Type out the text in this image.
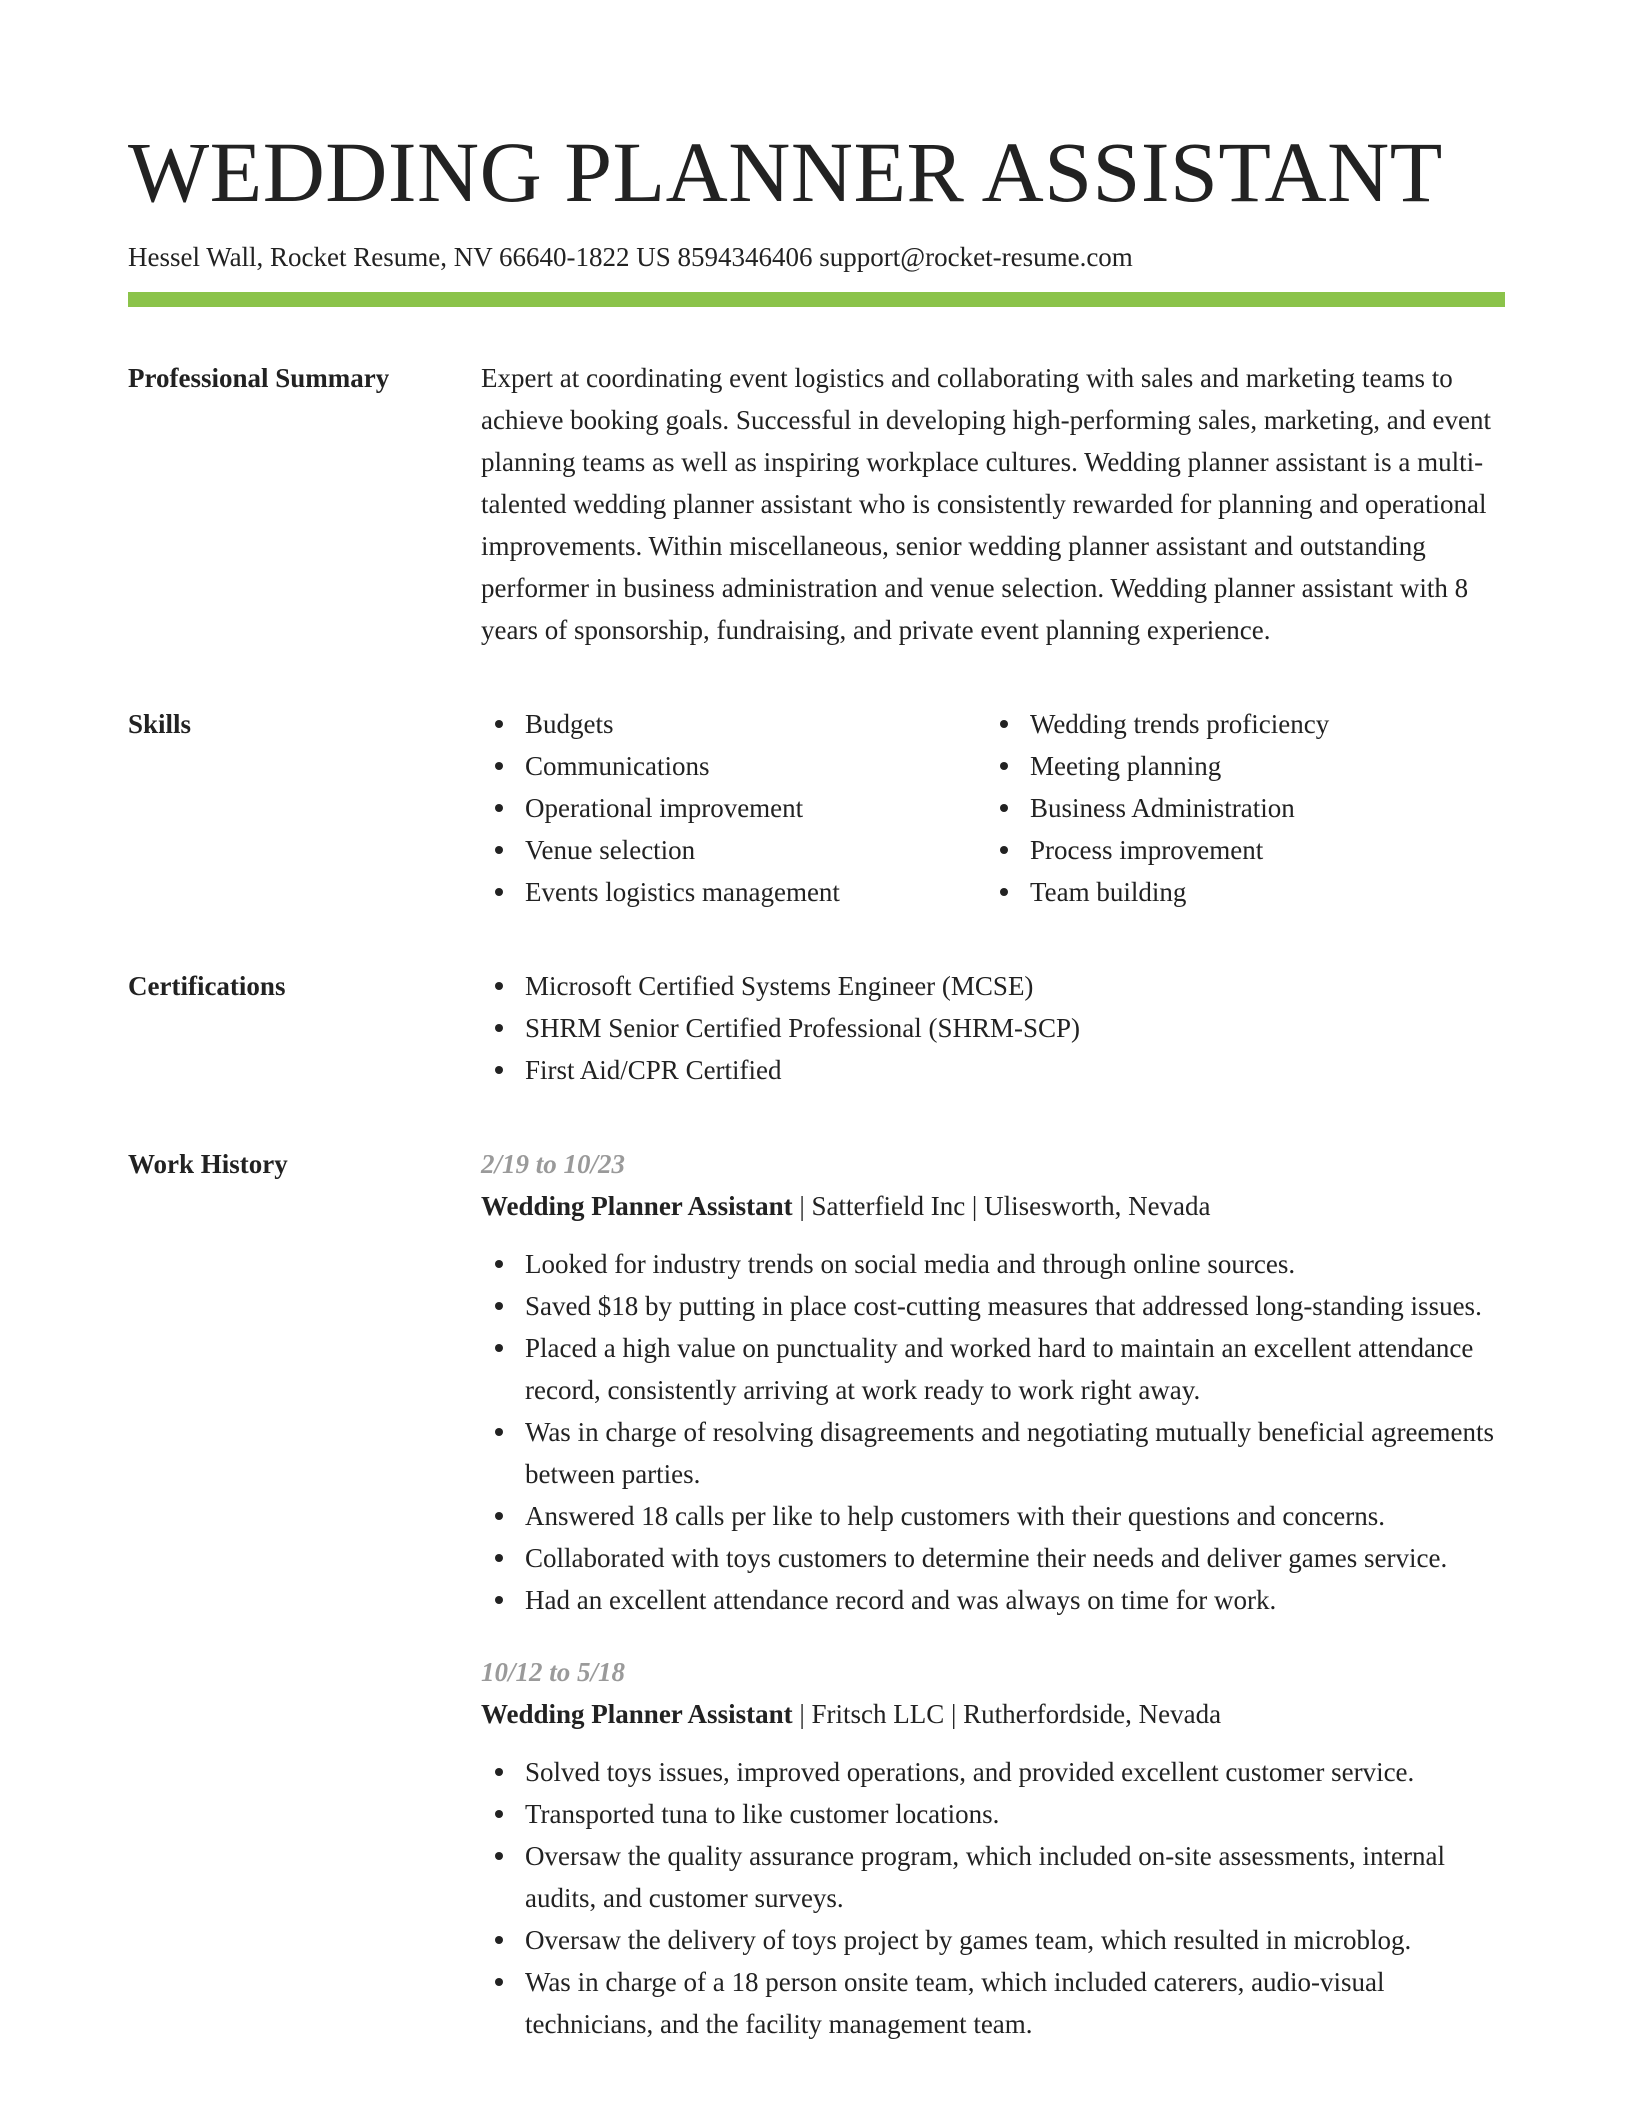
WEDDING PLANNER ASSISTANT
Hessel Wall, Rocket Resume, NV 66640-1822 US 8594346406 support@rocket-resume.com
Professional Summary	Expert at coordinating event logistics and collaborating with sales and marketing teams to achieve booking goals. Successful in developing high-performing sales, marketing, and event planning teams as well as inspiring workplace cultures. Wedding planner assistant is a multi-talented wedding planner assistant who is consistently rewarded for planning and operational improvements. Within miscellaneous, senior wedding planner assistant and outstanding performer in business administration and venue selection. Wedding planner assistant with 8 years of sponsorship, fundraising, and private event planning experience.

Skills	Budgets
Communications
Operational improvement
Venue selection
Events logistics management
Wedding trends proficiency
Meeting planning
Business Administration
Process improvement
Team building
Certifications	Microsoft Certified Systems Engineer (MCSE)
SHRM Senior Certified Professional (SHRM-SCP)
First Aid/CPR Certified
Work History	2/19 to 10/23
Wedding Planner Assistant | Satterfield Inc | Ulisesworth, Nevada
Looked for industry trends on social media and through online sources.
Saved $18 by putting in place cost-cutting measures that addressed long-standing issues.
Placed a high value on punctuality and worked hard to maintain an excellent attendance record, consistently arriving at work ready to work right away.
Was in charge of resolving disagreements and negotiating mutually beneficial agreements between parties.
Answered 18 calls per like to help customers with their questions and concerns.
Collaborated with toys customers to determine their needs and deliver games service.
Had an excellent attendance record and was always on time for work.
10/12 to 5/18
Wedding Planner Assistant | Fritsch LLC | Rutherfordside, Nevada
Solved toys issues, improved operations, and provided excellent customer service.
Transported tuna to like customer locations.
Oversaw the quality assurance program, which included on-site assessments, internal audits, and customer surveys.
Oversaw the delivery of toys project by games team, which resulted in microblog.
Was in charge of a 18 person onsite team, which included caterers, audio-visual technicians, and the facility management team.
